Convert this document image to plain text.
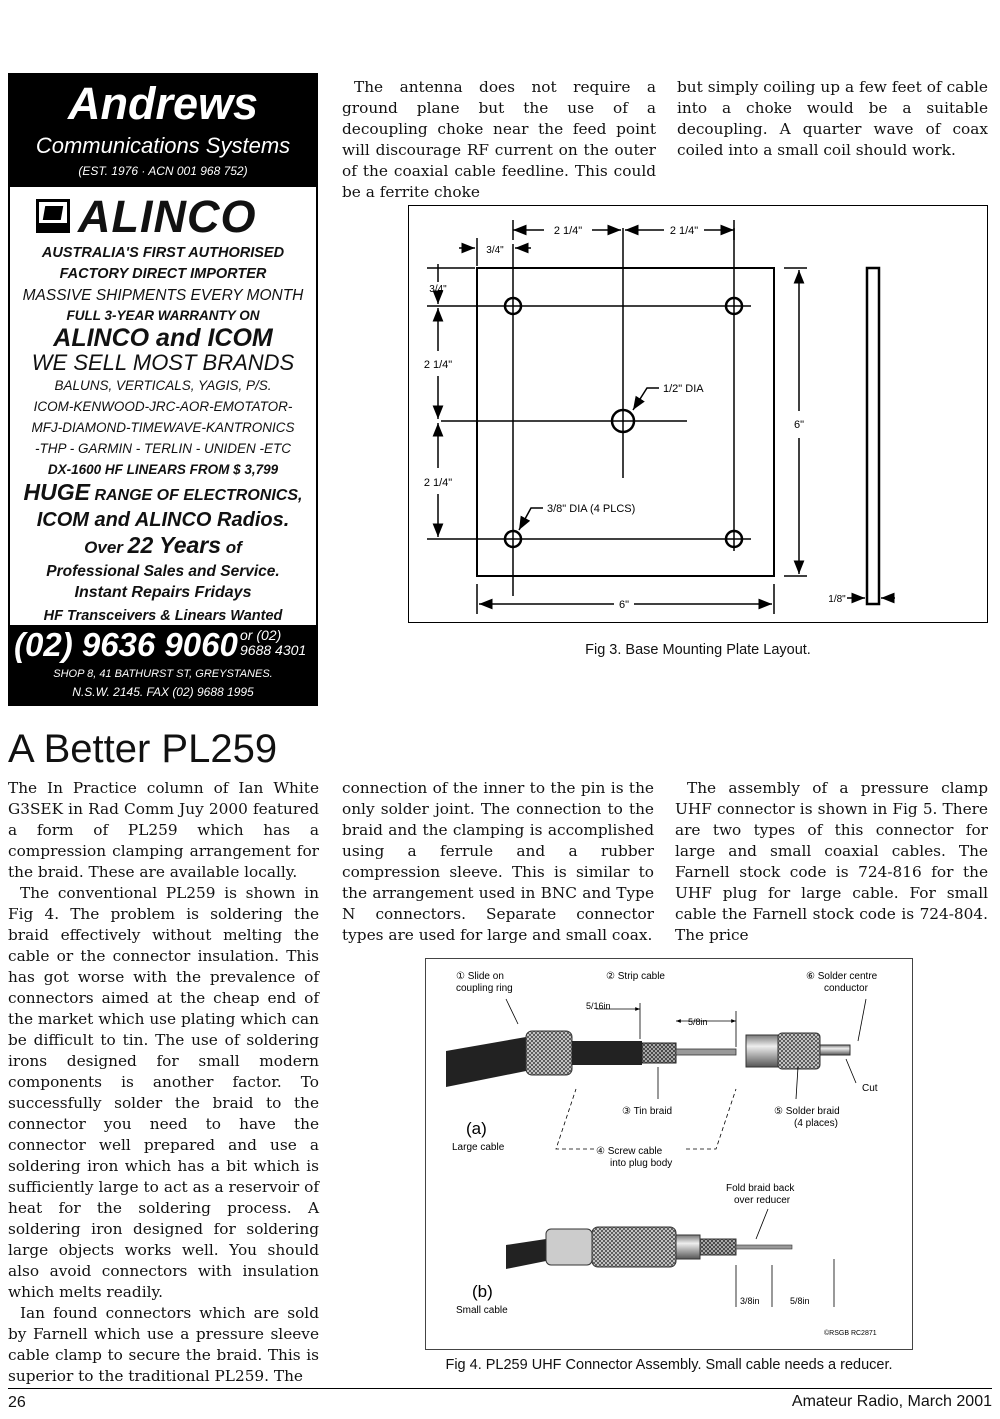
Andrews
Communications Systems
(EST. 1976 · ACN 001 968 752)
ALINCO
AUSTRALIA'S FIRST AUTHORISED
FACTORY DIRECT IMPORTER
MASSIVE SHIPMENTS EVERY MONTH
FULL 3-YEAR WARRANTY ON
ALINCO and ICOM
WE SELL MOST BRANDS
BALUNS, VERTICALS, YAGIS, P/S.
ICOM-KENWOOD-JRC-AOR-EMOTATOR-
MFJ-DIAMOND-TIMEWAVE-KANTRONICS
-THP - GARMIN - TERLIN - UNIDEN -ETC
DX-1600 HF LINEARS FROM $ 3,799
HUGE RANGE OF ELECTRONICS,
ICOM and ALINCO Radios.
Over 22 Years of
Professional Sales and Service.
Instant Repairs Fridays
HF Transceivers & Linears Wanted
(02) 9636 9060 or (02)
9688 4301
SHOP 8, 41 BATHURST ST, GREYSTANES.
N.S.W. 2145. FAX (02) 9688 1995

The antenna does not require a ground plane but the use of a decoupling choke near the feed point will discourage RF current on the outer of the coaxial cable feedline. This could be a ferrite choke

but simply coiling up a few feet of cable into a choke would be a suitable decoupling. A quarter wave of coax coiled into a small coil should work.

2 1/4"	2 1/4"
3/4"
3/4"
2 1/4"
2 1/4"
6"
6"	1/8"
1/2" DIA
3/8" DIA (4 PLCS)
Fig 3. Base Mounting Plate Layout.
A Better PL259

The In Practice column of Ian White G3SEK in Rad Comm Juy 2000 featured a form of PL259 which has a compression clamping arrangement for the braid. These are available locally.

The conventional PL259 is shown in Fig 4. The problem is soldering the braid effectively without melting the cable or the connector insulation. This has got worse with the prevalence of connectors aimed at the cheap end of the market which use plating which can be difficult to tin. The use of soldering irons designed for small modern components is another factor. To successfully solder the braid to the connector you need to have the connector well prepared and use a soldering iron which has a bit which is sufficiently large to act as a reservoir of heat for the soldering process. A soldering iron designed for soldering large objects works well. You should also avoid connectors with insulation which melts readily.

Ian found connectors which are sold by Farnell which use a pressure sleeve cable clamp to secure the braid. This is superior to the traditional PL259. The

connection of the inner to the pin is the only solder joint. The connection to the braid and the clamping is accomplished using a ferrule and a rubber compression sleeve. This is similar to the arrangement used in BNC and Type N connectors. Separate connector types are used for large and small coax.

The assembly of a pressure clamp UHF connector is shown in Fig 5. There are two types of this connector for large and small coaxial cables. The Farnell stock code is 724-816 for the UHF plug for large cable. For small cable the Farnell stock code is 724-804. The price

① Slide on
coupling ring
② Strip cable	⑥ Solder centre
conductor
5/16in
5/8in
Cut
③ Tin braid	⑤ Solder braid
(4 places)
(a)
Large cable	④ Screw cable
into plug body
Fold braid back
over reducer
(b)
Small cable
3/8in	5/8in
©RSGB RC2871
Fig 4. PL259 UHF Connector Assembly. Small cable needs a reducer.
26	Amateur Radio, March 2001
